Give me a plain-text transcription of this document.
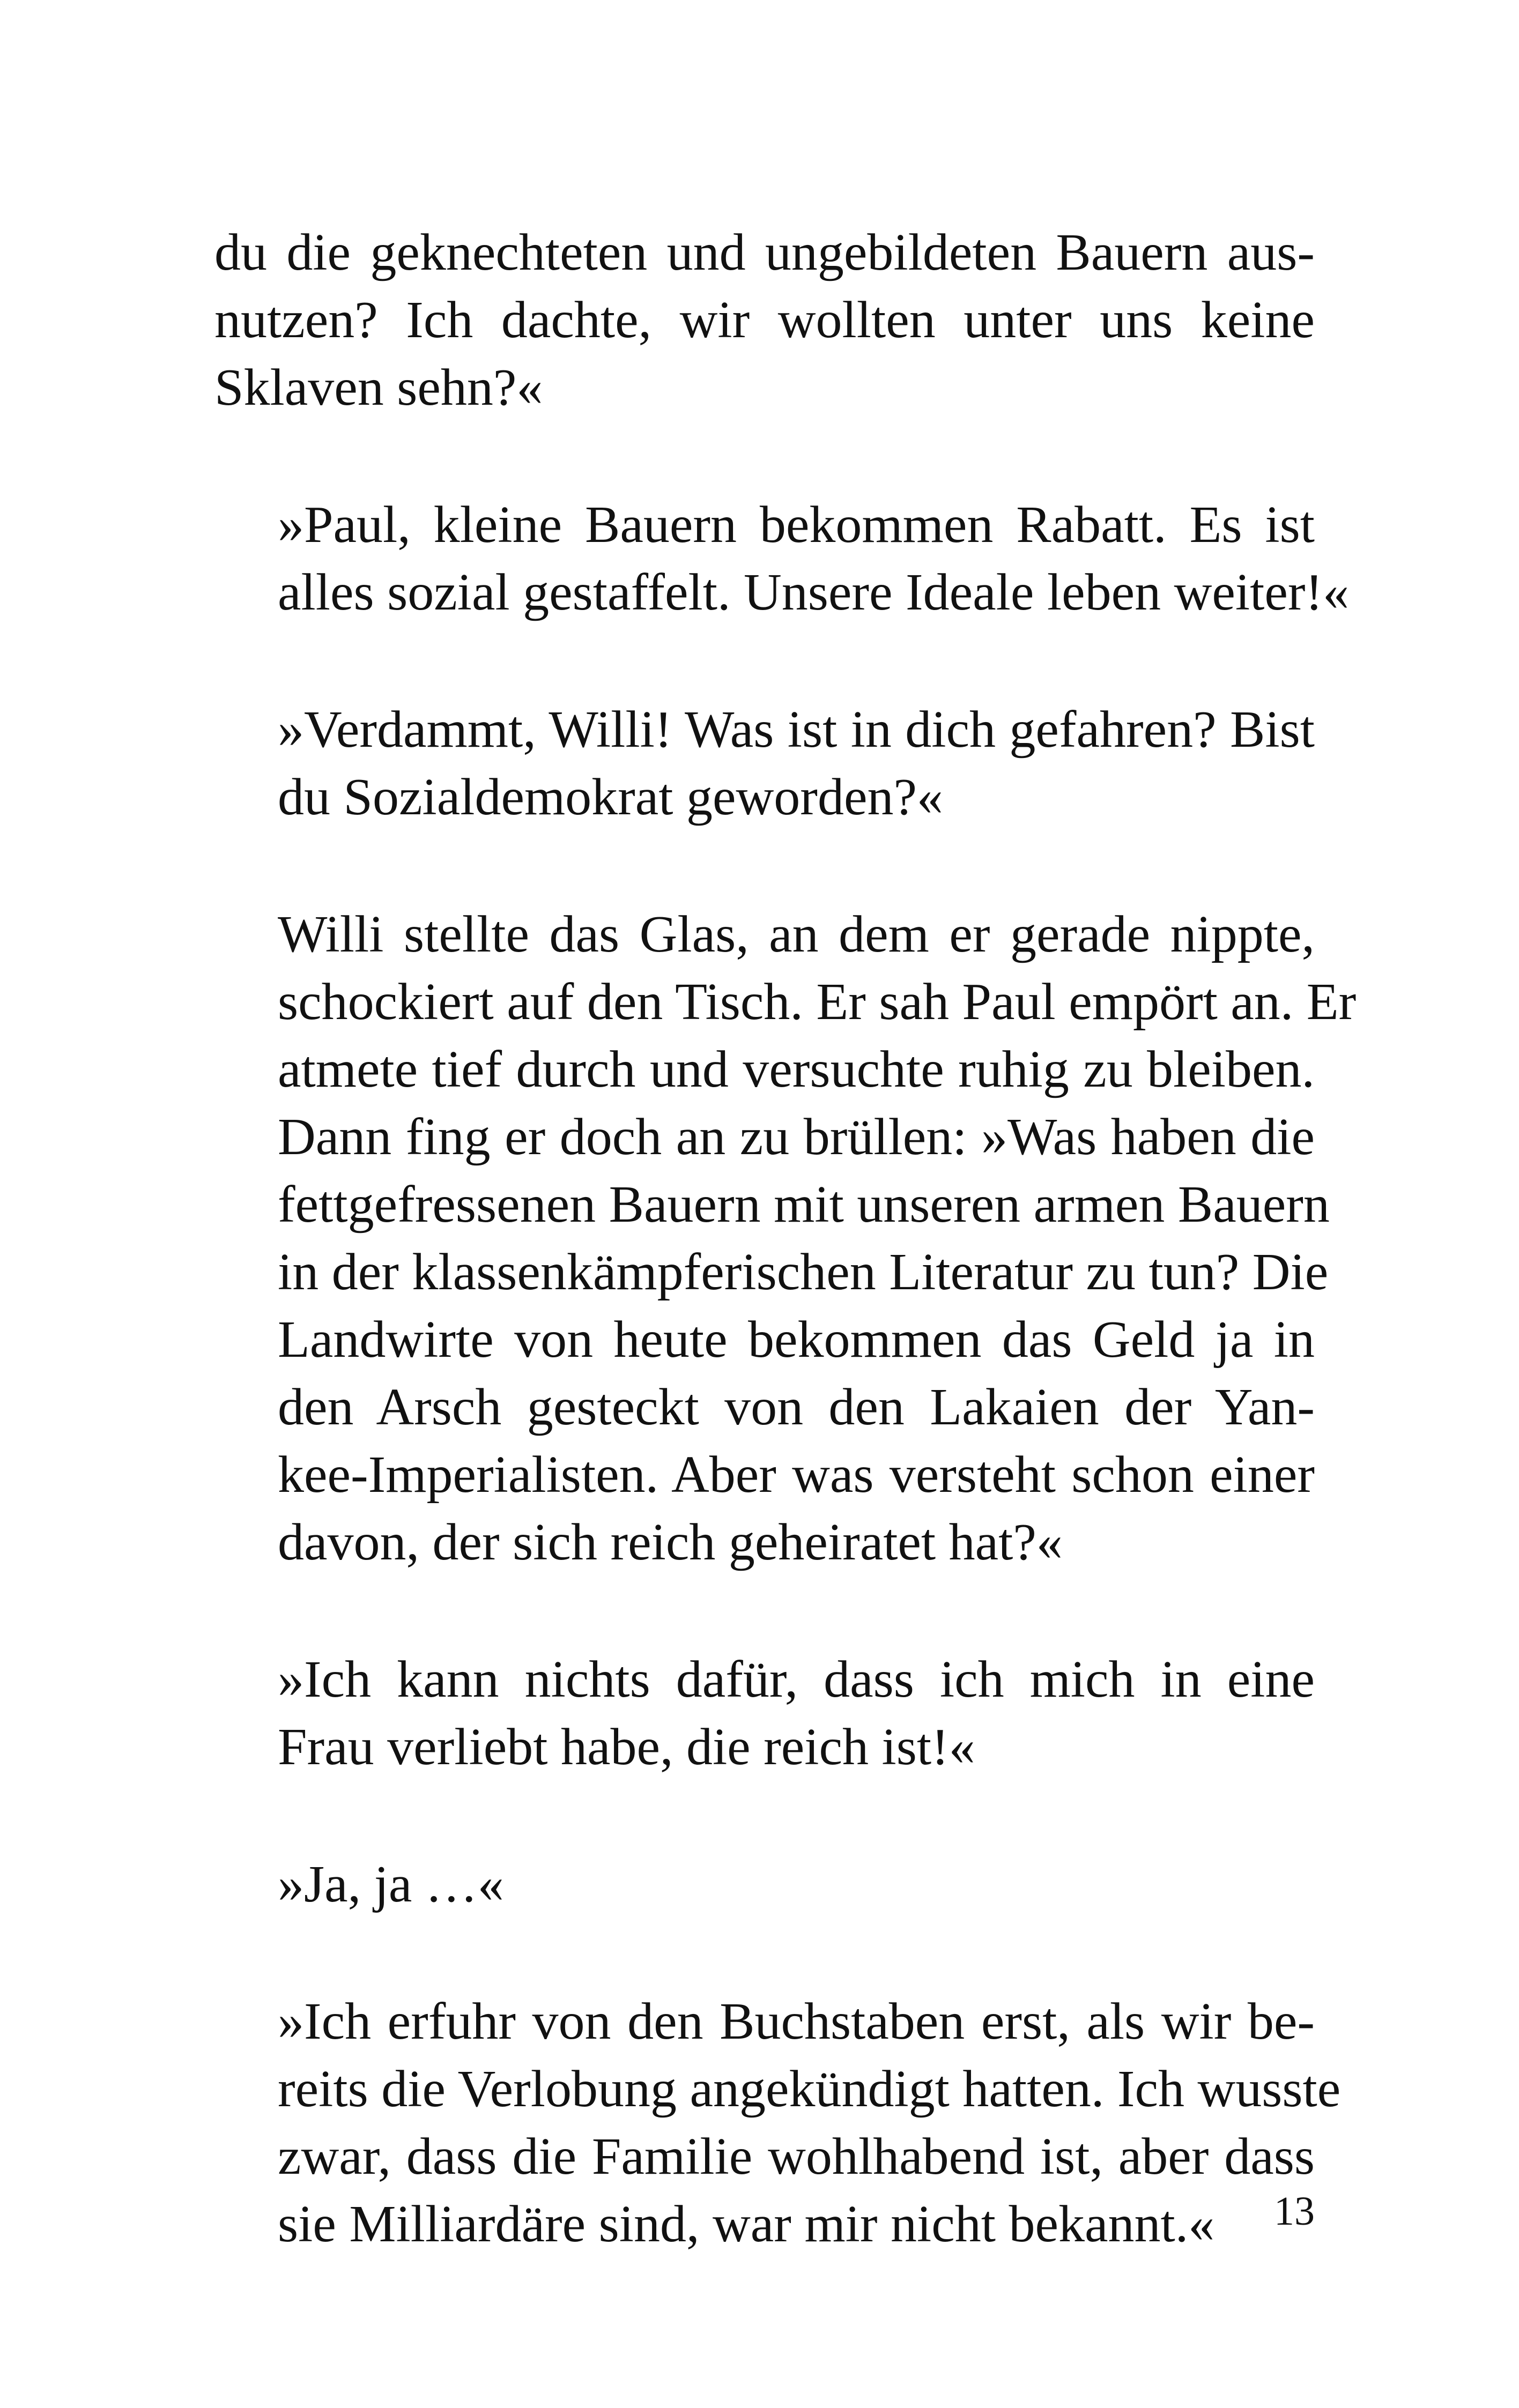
du die geknechteten und ungebildeten Bauern aus-
nutzen? Ich dachte, wir wollten unter uns keine
Sklaven sehn?«

»Paul, kleine Bauern bekommen Rabatt. Es ist
alles sozial gestaffelt. Unsere Ideale leben weiter!«

»Verdammt, Willi! Was ist in dich gefahren? Bist
du Sozialdemokrat geworden?«

Willi stellte das Glas, an dem er gerade nippte,
schockiert auf den Tisch. Er sah Paul empört an. Er
atmete tief durch und versuchte ruhig zu bleiben.
Dann fing er doch an zu brüllen: »Was haben die
fettgefressenen Bauern mit unseren armen Bauern
in der klassenkämpferischen Literatur zu tun? Die
Landwirte von heute bekommen das Geld ja in
den Arsch gesteckt von den Lakaien der Yan-
kee-Imperialisten. Aber was versteht schon einer
davon, der sich reich geheiratet hat?«

»Ich kann nichts dafür, dass ich mich in eine
Frau verliebt habe, die reich ist!«

»Ja, ja …«

»Ich erfuhr von den Buchstaben erst, als wir be-
reits die Verlobung angekündigt hatten. Ich wusste
zwar, dass die Familie wohlhabend ist, aber dass
sie Milliardäre sind, war mir nicht bekannt.«	13
